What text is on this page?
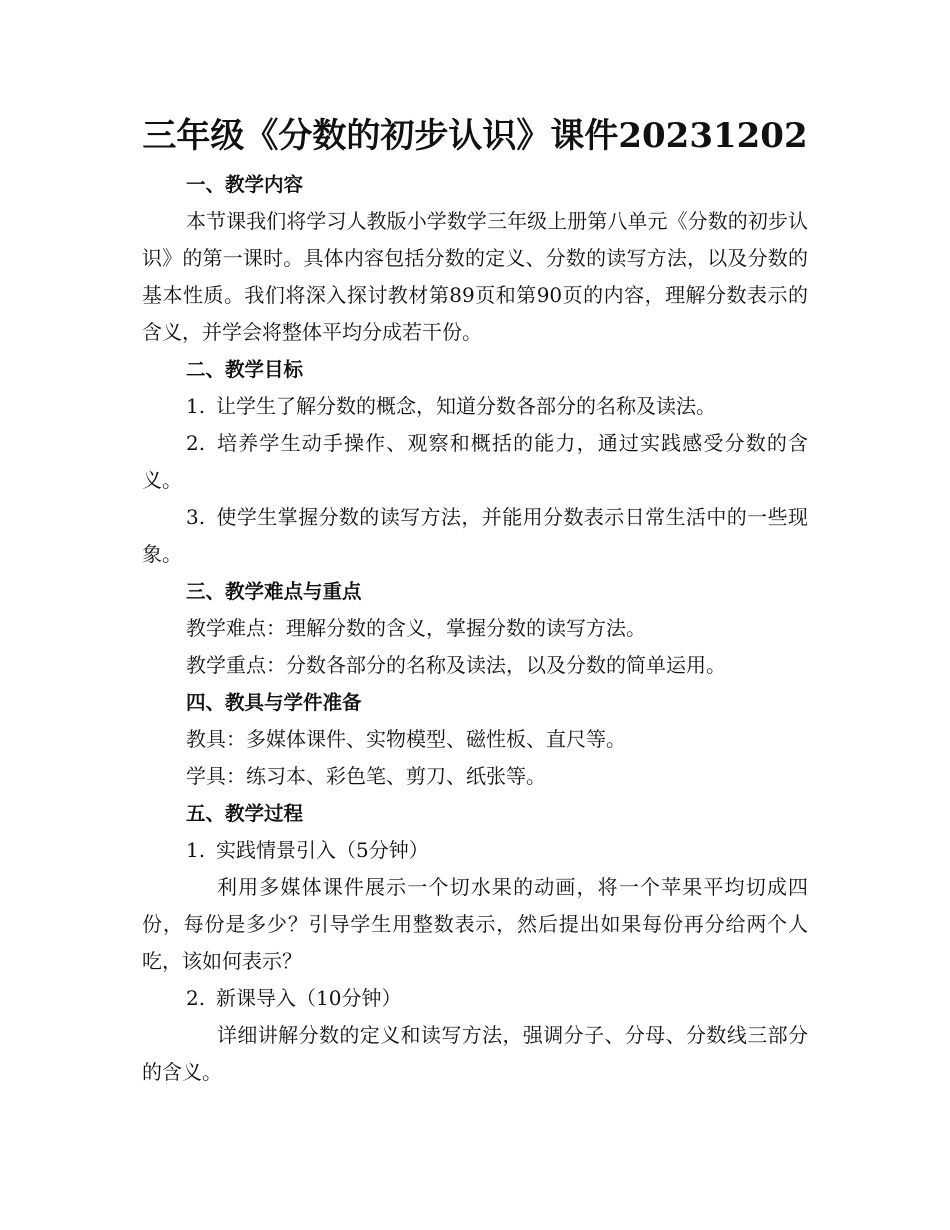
三年级《分数的初步认识》课件20231202
一、教学内容

本节课我们将学习人教版小学数学三年级上册第八单元《分数的初步认识》的第一课时。具体内容包括分数的定义、分数的读写方法，以及分数的基本性质。我们将深入探讨教材第89页和第90页的内容，理解分数表示的含义，并学会将整体平均分成若干份。

二、教学目标

1. 让学生了解分数的概念，知道分数各部分的名称及读法。

2. 培养学生动手操作、观察和概括的能力，通过实践感受分数的含义。

3. 使学生掌握分数的读写方法，并能用分数表示日常生活中的一些现象。

三、教学难点与重点
教学难点：理解分数的含义，掌握分数的读写方法。
教学重点：分数各部分的名称及读法，以及分数的简单运用。
四、教具与学件准备
教具：多媒体课件、实物模型、磁性板、直尺等。
学具：练习本、彩色笔、剪刀、纸张等。
五、教学过程
1. 实践情景引入（5分钟）

利用多媒体课件展示一个切水果的动画，将一个苹果平均切成四份，每份是多少？引导学生用整数表示，然后提出如果每份再分给两个人吃，该如何表示？

2. 新课导入（10分钟）

详细讲解分数的定义和读写方法，强调分子、分母、分数线三部分的含义。
